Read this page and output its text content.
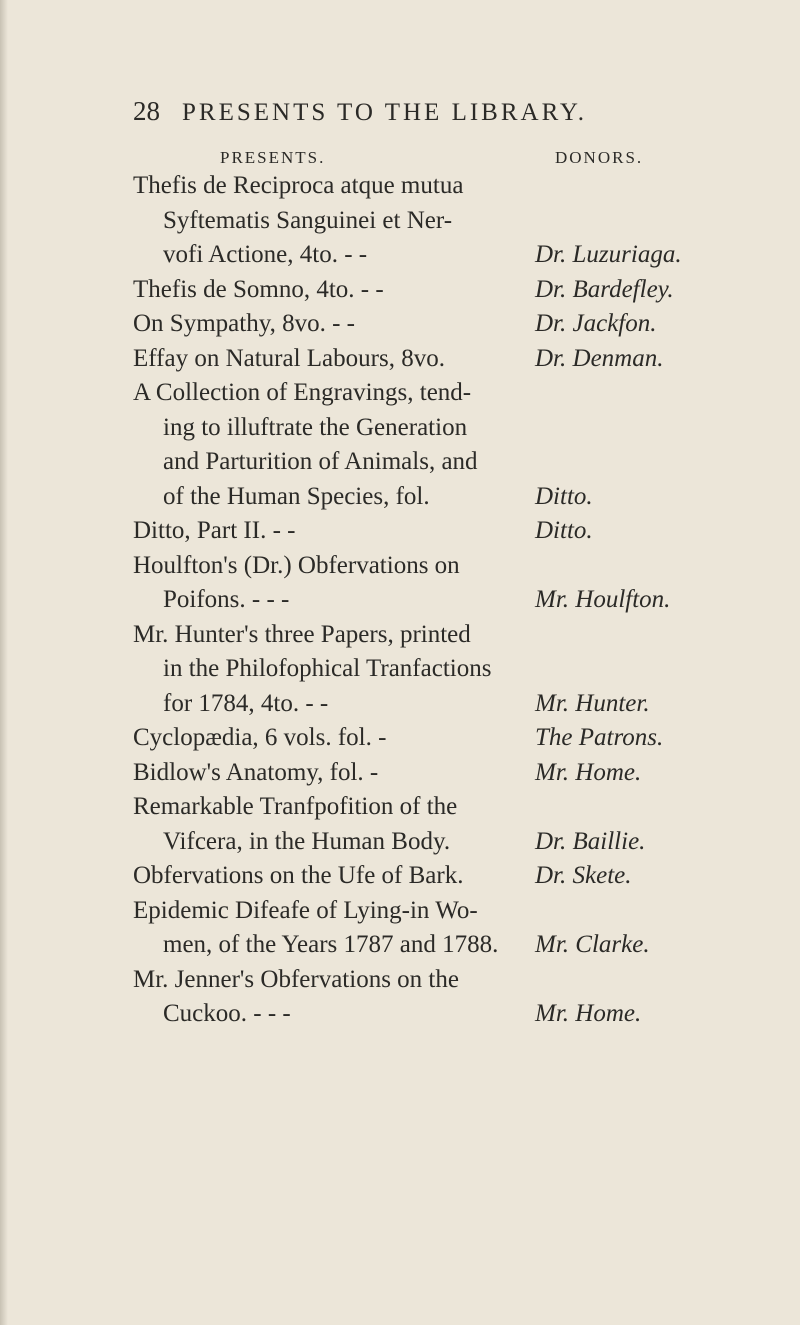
28 PRESENTS TO THE LIBRARY.
PRESENTS.	DONORS.
Thefis de Reciproca atque mutua
Syftematis Sanguinei et Ner-
vofi Actione, 4to. - -	Dr. Luzuriaga.
Thefis de Somno, 4to. - -	Dr. Bardefley.
On Sympathy, 8vo. - -	Dr. Jackfon.
Effay on Natural Labours, 8vo.	Dr. Denman.
A Collection of Engravings, tend-
ing to illuftrate the Generation
and Parturition of Animals, and
of the Human Species, fol.	Ditto.
Ditto, Part II. - -	Ditto.
Houlfton's (Dr.) Obfervations on
Poifons. - - -	Mr. Houlfton.
Mr. Hunter's three Papers, printed
in the Philofophical Tranfactions
for 1784, 4to. - -	Mr. Hunter.
Cyclopædia, 6 vols. fol. -	The Patrons.
Bidlow's Anatomy, fol. -	Mr. Home.
Remarkable Tranfpofition of the
Vifcera, in the Human Body.	Dr. Baillie.
Obfervations on the Ufe of Bark.	Dr. Skete.
Epidemic Difeafe of Lying-in Wo-
men, of the Years 1787 and 1788. Mr. Clarke.
Mr. Jenner's Obfervations on the
Cuckoo. - - -	Mr. Home.
